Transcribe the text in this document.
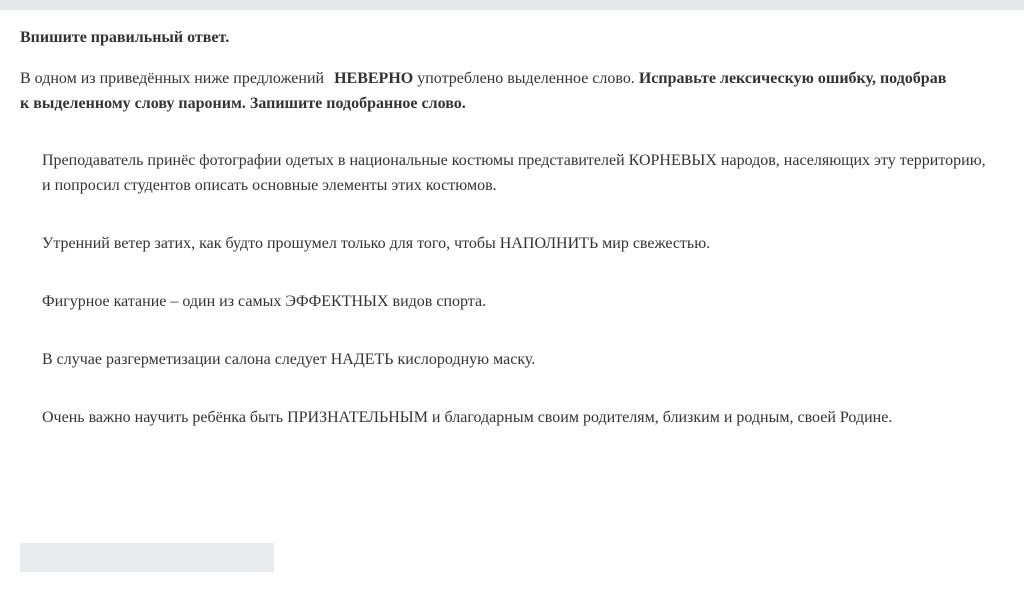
Впишите правильный ответ.

В одном из приведённых ниже предложений НЕВЕРНО употреблено выделенное слово. Исправьте лексическую ошибку, подобрав
к выделенному слову пароним. Запишите подобранное слово.

Преподаватель принёс фотографии одетых в национальные костюмы представителей КОРНЕВЫХ народов, населяющих эту территорию,
и попросил студентов описать основные элементы этих костюмов.

Утренний ветер затих, как будто прошумел только для того, чтобы НАПОЛНИТЬ мир свежестью.

Фигурное катание – один из самых ЭФФЕКТНЫХ видов спорта.

В случае разгерметизации салона следует НАДЕТЬ кислородную маску.

Очень важно научить ребёнка быть ПРИЗНАТЕЛЬНЫМ и благодарным своим родителям, близким и родным, своей Родине.
